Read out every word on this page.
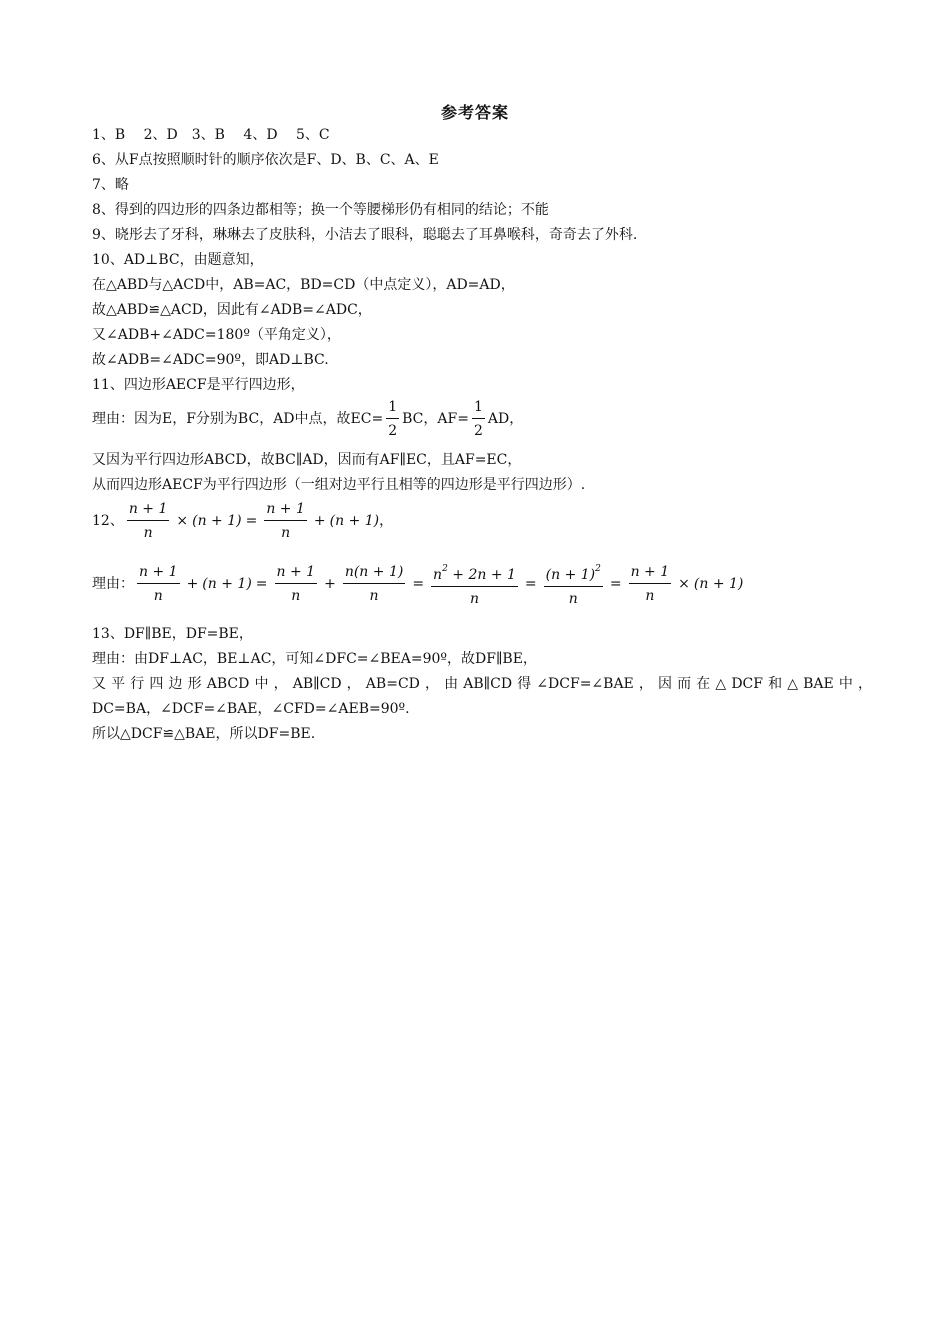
参考答案
1、B　 2、D　3、B　 4、D　 5、C
6、从F点按照顺时针的顺序依次是F、D、B、C、A、E
7、略
8、得到的四边形的四条边都相等；换一个等腰梯形仍有相同的结论；不能
9、晓彤去了牙科，琳琳去了皮肤科，小洁去了眼科，聪聪去了耳鼻喉科，奇奇去了外科.
10、AD⊥BC，由题意知，
在△ABD与△ACD中，AB=AC，BD=CD（中点定义），AD=AD，
故△ABD≌△ACD，因此有∠ADB=∠ADC，
又∠ADB+∠ADC=180º（平角定义），
故∠ADB=∠ADC=90º，即AD⊥BC.
11、四边形AECF是平行四边形，
理由：因为E，F分别为BC，AD中点，故$EC= \frac{1}{2}$ BC，$AF= \frac{1}{2}$ AD，
又因为平行四边形ABCD，故BC∥AD，因而有AF∥EC，且AF=EC，
从而四边形AECF为平行四边形（一组对边平行且相等的四边形是平行四边形）.
12、 $\frac{n + 1}{n} \times (n + 1) = \frac{n + 1}{n} + (n + 1)$，
理由： $\frac{n + 1}{n} + (n + 1) = \frac{n + 1}{n} + \frac{n(n + 1)}{n} = \frac{n^2 + 2n + 1}{n} = \frac{(n + 1)^2}{n} = \frac{n + 1}{n} \times (n + 1)$
13、DF∥BE，DF=BE，
理由：由DF⊥AC，BE⊥AC，可知∠DFC=∠BEA=90º，故DF∥BE，
又平行四边形ABCD中，AB∥CD，AB=CD，由AB∥CD得∠DCF=∠BAE，因而在△DCF和△BAE中，
DC=BA，∠DCF=∠BAE，∠CFD=∠AEB=90º.
所以△DCF≌△BAE，所以DF=BE.
